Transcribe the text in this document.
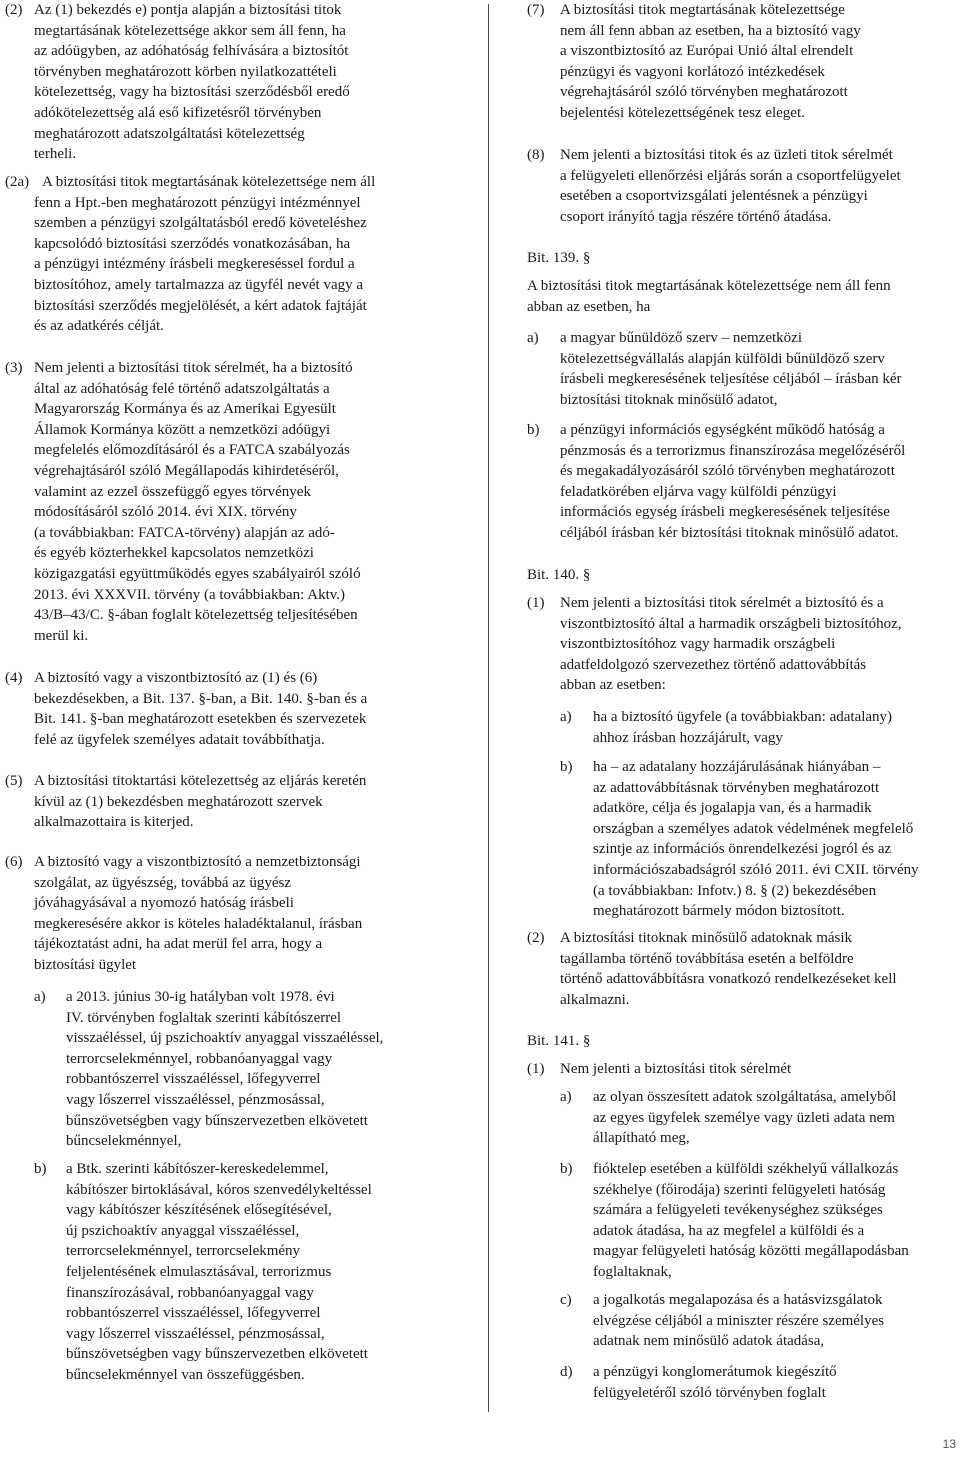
(2) Az (1) bekezdés e) pontja alapján a biztosítási titok
megtartásának kötelezettsége akkor sem áll fenn, ha
az adóügyben, az adóhatóság felhívására a biztosítót
törvényben meghatározott körben nyilatkozattételi
kötelezettség, vagy ha biztosítási szerződésből eredő
adókötelezettség alá eső kifizetésről törvényben
meghatározott adatszolgáltatási kötelezettség
terheli.
(2a) A biztosítási titok megtartásának kötelezettsége nem áll
fenn a Hpt.-ben meghatározott pénzügyi intézménnyel
szemben a pénzügyi szolgáltatásból eredő követeléshez
kapcsolódó biztosítási szerződés vonatkozásában, ha
a pénzügyi intézmény írásbeli megkereséssel fordul a
biztosítóhoz, amely tartalmazza az ügyfél nevét vagy a
biztosítási szerződés megjelölését, a kért adatok fajtáját
és az adatkérés célját.
(3) Nem jelenti a biztosítási titok sérelmét, ha a biztosító
által az adóhatóság felé történő adatszolgáltatás a
Magyarország Kormánya és az Amerikai Egyesült
Államok Kormánya között a nemzetközi adóügyi
megfelelés előmozdításáról és a FATCA szabályozás
végrehajtásáról szóló Megállapodás kihirdetéséről,
valamint az ezzel összefüggő egyes törvények
módosításáról szóló 2014. évi XIX. törvény
(a továbbiakban: FATCA-törvény) alapján az adó-
és egyéb közterhekkel kapcsolatos nemzetközi
közigazgatási együttműködés egyes szabályairól szóló
2013. évi XXXVII. törvény (a továbbiakban: Aktv.)
43/B–43/C. §-ában foglalt kötelezettség teljesítésében
merül ki.
(4) A biztosító vagy a viszontbiztosító az (1) és (6)
bekezdésekben, a Bit. 137. §-ban, a Bit. 140. §-ban és a
Bit. 141. §-ban meghatározott esetekben és szervezetek
felé az ügyfelek személyes adatait továbbíthatja.
(5) A biztosítási titoktartási kötelezettség az eljárás keretén
kívül az (1) bekezdésben meghatározott szervek
alkalmazottaira is kiterjed.
(6) A biztosító vagy a viszontbiztosító a nemzetbiztonsági
szolgálat, az ügyészség, továbbá az ügyész
jóváhagyásával a nyomozó hatóság írásbeli
megkeresésére akkor is köteles haladéktalanul, írásban
tájékoztatást adni, ha adat merül fel arra, hogy a
biztosítási ügylet
a) a 2013. június 30-ig hatályban volt 1978. évi
IV. törvényben foglaltak szerinti kábítószerrel
visszaéléssel, új pszichoaktív anyaggal visszaéléssel,
terrorcselekménnyel, robbanóanyaggal vagy
robbantószerrel visszaéléssel, lőfegyverrel
vagy lőszerrel visszaéléssel, pénzmosással,
bűnszövetségben vagy bűnszervezetben elkövetett
bűncselekménnyel,
b) a Btk. szerinti kábítószer-kereskedelemmel,
kábítószer birtoklásával, kóros szenvedélykeltéssel
vagy kábítószer készítésének elősegítésével,
új pszichoaktív anyaggal visszaéléssel,
terrorcselekménnyel, terrorcselekmény
feljelentésének elmulasztásával, terrorizmus
finanszírozásával, robbanóanyaggal vagy
robbantószerrel visszaéléssel, lőfegyverrel
vagy lőszerrel visszaéléssel, pénzmosással,
bűnszövetségben vagy bűnszervezetben elkövetett
bűncselekménnyel van összefüggésben.
(7) A biztosítási titok megtartásának kötelezettsége
nem áll fenn abban az esetben, ha a biztosító vagy
a viszontbiztosító az Európai Unió által elrendelt
pénzügyi és vagyoni korlátozó intézkedések
végrehajtásáról szóló törvényben meghatározott
bejelentési kötelezettségének tesz eleget.
(8) Nem jelenti a biztosítási titok és az üzleti titok sérelmét
a felügyeleti ellenőrzési eljárás során a csoportfelügyelet
esetében a csoportvizsgálati jelentésnek a pénzügyi
csoport irányító tagja részére történő átadása.
Bit. 139. §
A biztosítási titok megtartásának kötelezettsége nem áll fenn
abban az esetben, ha
a) a magyar bűnüldöző szerv – nemzetközi
kötelezettségvállalás alapján külföldi bűnüldöző szerv
írásbeli megkeresésének teljesítése céljából – írásban kér
biztosítási titoknak minősülő adatot,
b) a pénzügyi információs egységként működő hatóság a
pénzmosás és a terrorizmus finanszírozása megelőzéséről
és megakadályozásáról szóló törvényben meghatározott
feladatkörében eljárva vagy külföldi pénzügyi
információs egység írásbeli megkeresésének teljesítése
céljából írásban kér biztosítási titoknak minősülő adatot.
Bit. 140. §
(1) Nem jelenti a biztosítási titok sérelmét a biztosító és a
viszontbiztosító által a harmadik országbeli biztosítóhoz,
viszontbiztosítóhoz vagy harmadik országbeli
adatfeldolgozó szervezethez történő adattovábbítás
abban az esetben:
a) ha a biztosító ügyfele (a továbbiakban: adatalany)
ahhoz írásban hozzájárult, vagy
b) ha – az adatalany hozzájárulásának hiányában –
az adattovábbításnak törvényben meghatározott
adatköre, célja és jogalapja van, és a harmadik
országban a személyes adatok védelmének megfelelő
szintje az információs önrendelkezési jogról és az
információszabadságról szóló 2011. évi CXII. törvény
(a továbbiakban: Infotv.) 8. § (2) bekezdésében
meghatározott bármely módon biztosított.
(2) A biztosítási titoknak minősülő adatoknak másik
tagállamba történő továbbítása esetén a belföldre
történő adattovábbításra vonatkozó rendelkezéseket kell
alkalmazni.
Bit. 141. §
(1) Nem jelenti a biztosítási titok sérelmét
a) az olyan összesített adatok szolgáltatása, amelyből
az egyes ügyfelek személye vagy üzleti adata nem
állapítható meg,
b) fióktelep esetében a külföldi székhelyű vállalkozás
székhelye (főirodája) szerinti felügyeleti hatóság
számára a felügyeleti tevékenységhez szükséges
adatok átadása, ha az megfelel a külföldi és a
magyar felügyeleti hatóság közötti megállapodásban
foglaltaknak,
c) a jogalkotás megalapozása és a hatásvizsgálatok
elvégzése céljából a miniszter részére személyes
adatnak nem minősülő adatok átadása,
d) a pénzügyi konglomerátumok kiegészítő
felügyeletéről szóló törvényben foglalt
13
